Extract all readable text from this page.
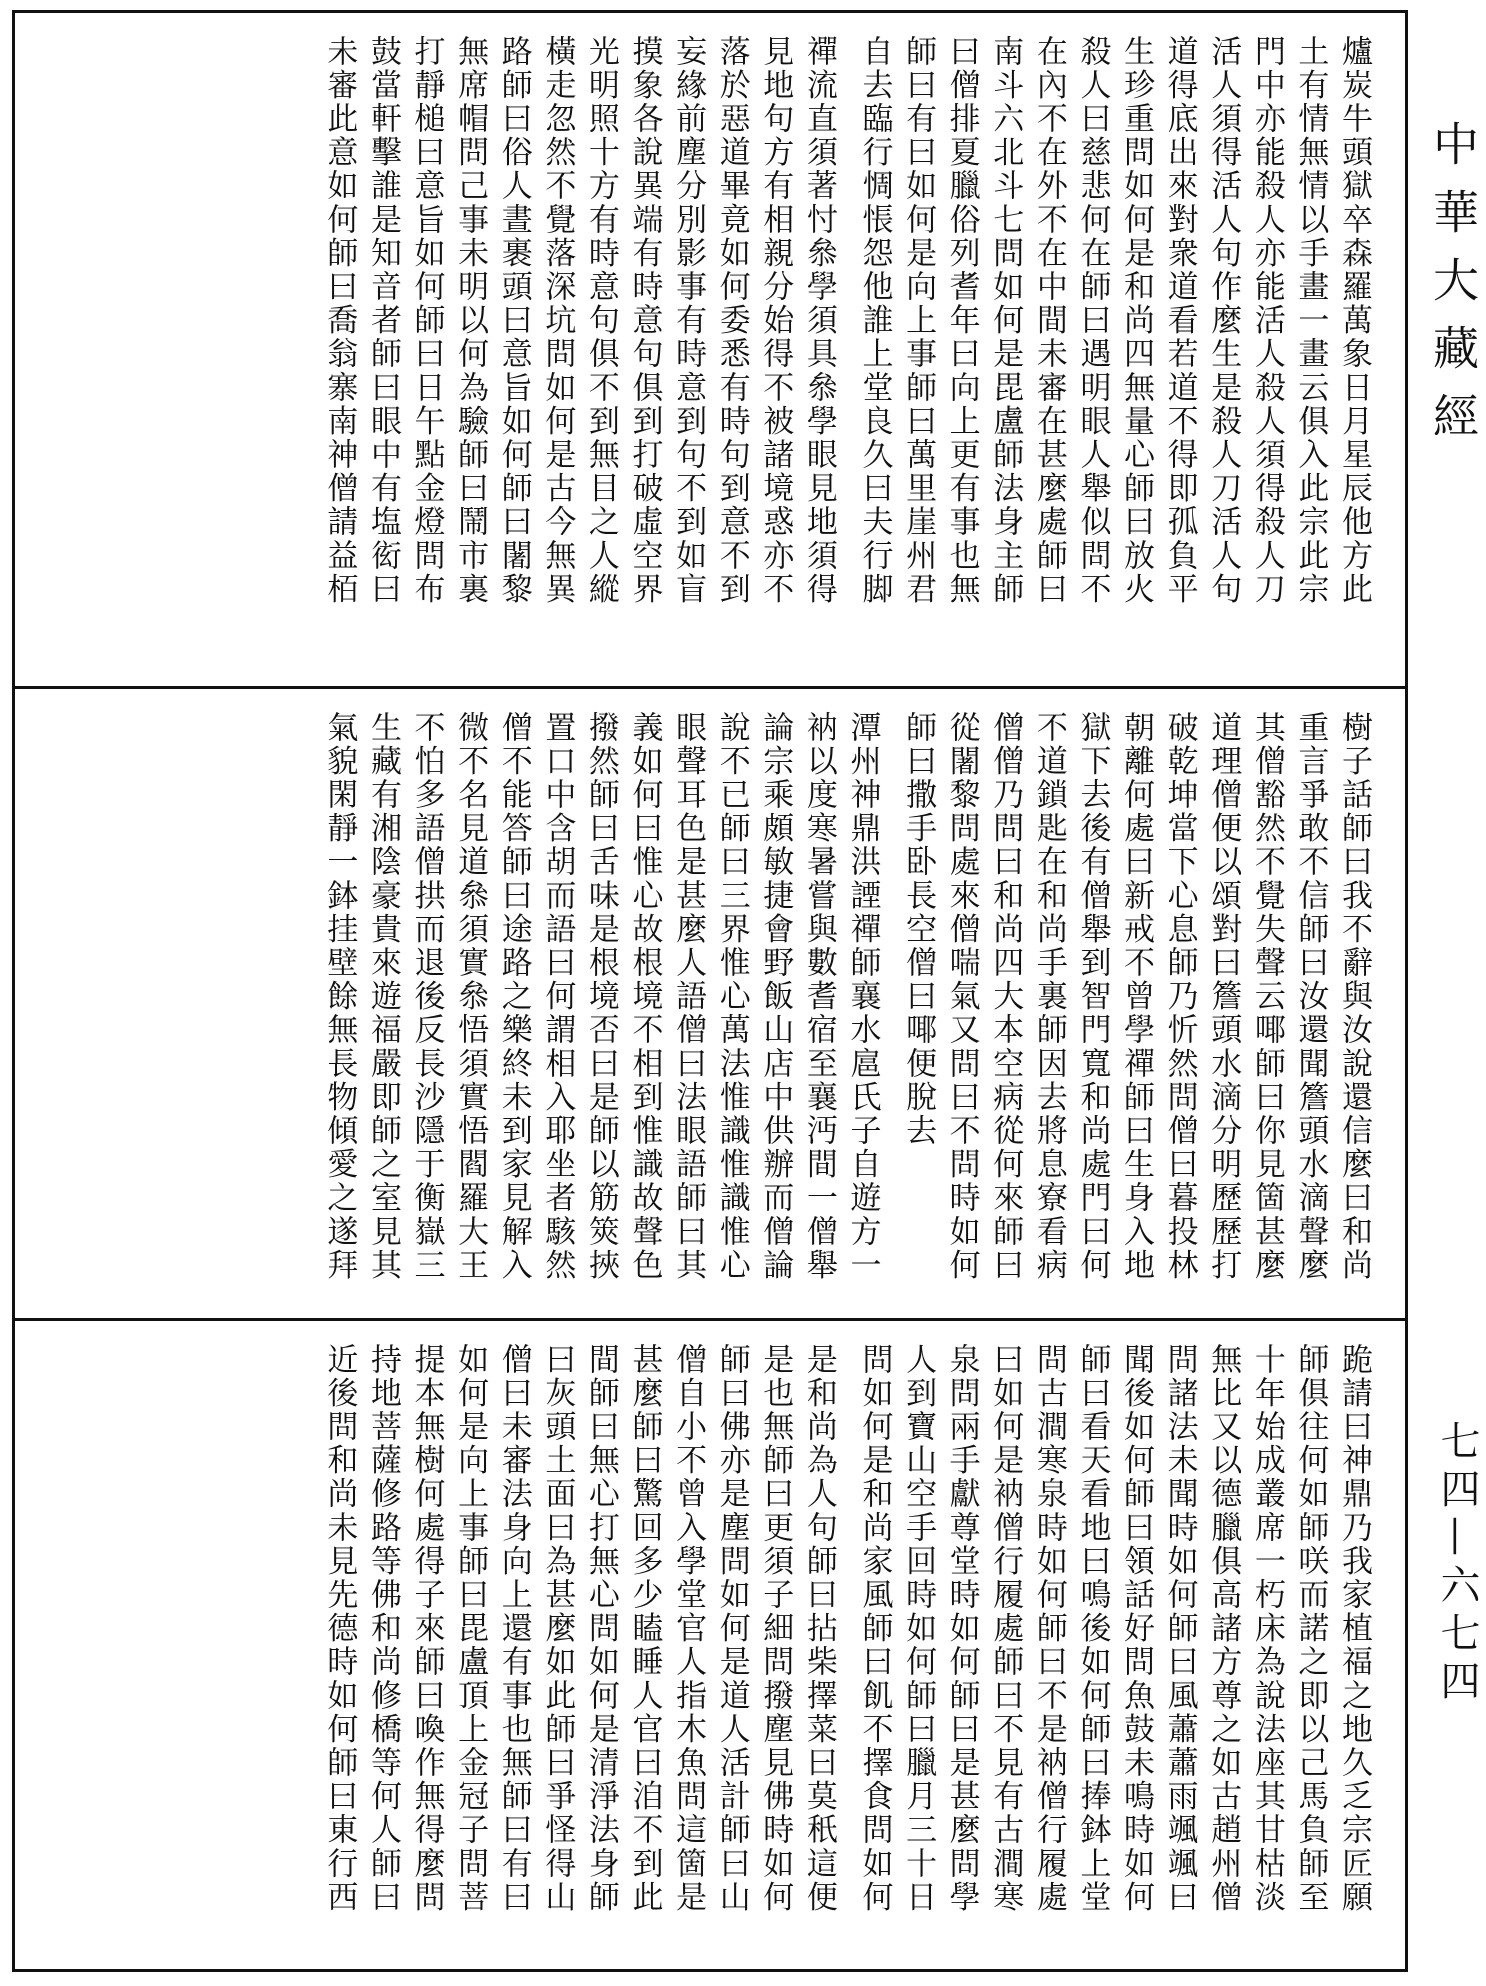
爐炭牛頭獄卒森羅萬象日月星辰他方此
土有情無情以手畫一畫云俱入此宗此宗
門中亦能殺人亦能活人殺人須得殺人刀
活人須得活人句作麼生是殺人刀活人句
道得底出來對衆道看若道不得即孤負平
生珍重問如何是和尚四無量心師曰放火
殺人曰慈悲何在師曰遇明眼人舉似問不
在內不在外不在中間未審在甚麼處師曰
南斗六北斗七問如何是毘盧師法身主師
曰僧排夏臘俗列耆年曰向上更有事也無
師曰有曰如何是向上事師曰萬里崖州君
自去臨行惆悵怨他誰上堂良久曰夫行脚
禪流直須著忖叅學須具叅學眼見地須得
見地句方有相親分始得不被諸境惑亦不
落於惡道畢竟如何委悉有時句到意不到
妄緣前塵分別影事有時意到句不到如盲
摸象各說異端有時意句俱到打破虛空界
光明照十方有時意句俱不到無目之人縱
橫走忽然不覺落深坑問如何是古今無異
路師曰俗人晝裹頭曰意旨如何師曰闍黎
無席帽問己事未明以何為驗師曰鬧市裏
打靜槌曰意旨如何師曰日午點金燈問布
鼓當軒擊誰是知音者師曰眼中有塩衒曰
未審此意如何師曰喬翁寨南神僧請益栢
樹子話師曰我不辭與汝說還信麼曰和尚
重言爭敢不信師曰汝還聞簷頭水滴聲麼
其僧豁然不覺失聲云㖿師曰你見箇甚麼
道理僧便以頌對曰簷頭水滴分明歷歷打
破乾坤當下心息師乃忻然問僧曰暮投林
朝離何處曰新戒不曾學禪師曰生身入地
獄下去後有僧舉到智門寬和尚處門曰何
不道鎖匙在和尚手裏師因去將息寮看病
僧僧乃問曰和尚四大本空病從何來師曰
從闍黎問處來僧喘氣又問曰不問時如何
師曰撒手卧長空僧曰㖿便脫去
潭州神鼎洪諲禪師襄水扈氏子自遊方一
衲以度寒暑嘗與數耆宿至襄沔間一僧舉
論宗乘頗敏捷會野飯山店中供辦而僧論
說不已師曰三界惟心萬法惟識惟識惟心
眼聲耳色是甚麼人語僧曰法眼語師曰其
義如何曰惟心故根境不相到惟識故聲色
撥然師曰舌味是根境否曰是師以筋筴挾
置口中含胡而語曰何謂相入耶坐者駭然
僧不能答師曰途路之樂終未到家見解入
微不名見道叅須實叅悟須實悟閻羅大王
不怕多語僧拱而退後反長沙隱于衡嶽三
生藏有湘陰豪貴來遊福嚴即師之室見其
氣貌閑靜一鉢挂壁餘無長物傾愛之遂拜
跪請曰神鼎乃我家植福之地久乏宗匠願
師俱往何如師咲而諾之即以己馬負師至
十年始成叢席一朽床為說法座其甘枯淡
無比又以德臘俱高諸方尊之如古趙州僧
問諸法未聞時如何師曰風蕭蕭雨颯颯曰
聞後如何師曰領話好問魚鼓未鳴時如何
師曰看天看地曰鳴後如何師曰捧鉢上堂
問古澗寒泉時如何師曰不是衲僧行履處
曰如何是衲僧行履處師曰不見有古澗寒
泉問兩手獻尊堂時如何師曰是甚麼問學
人到寶山空手回時如何師曰臘月三十日
問如何是和尚家風師曰飢不擇食問如何
是和尚為人句師曰拈柴擇菜曰莫秖這便
是也無師曰更須子細問撥塵見佛時如何
師曰佛亦是塵問如何是道人活計師曰山
僧自小不曾入學堂官人指木魚問這箇是
甚麼師曰驚回多少瞌睡人官曰洎不到此
間師曰無心打無心問如何是清淨法身師
曰灰頭土面曰為甚麼如此師曰爭怪得山
僧曰未審法身向上還有事也無師曰有曰
如何是向上事師曰毘盧頂上金冠子問菩
提本無樹何處得子來師曰喚作無得麼問
持地菩薩修路等佛和尚修橋等何人師曰
近後問和尚未見先德時如何師曰東行西
中華大藏經
七四—六七四
